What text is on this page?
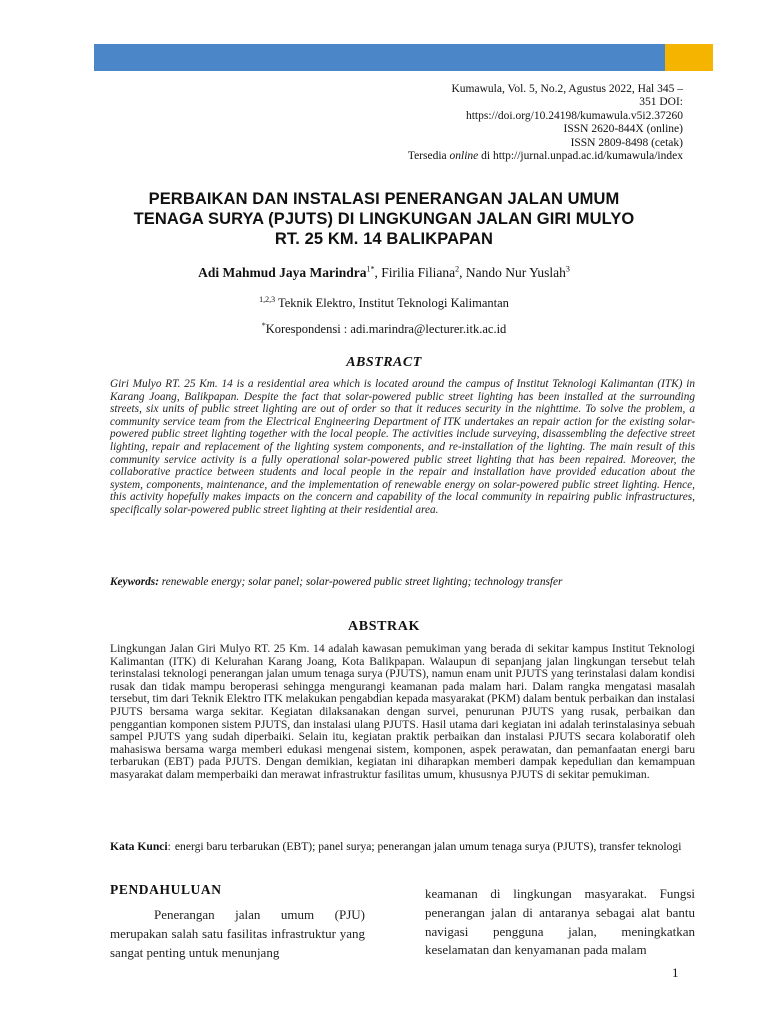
Kumawula, Vol. 5, No.2, Agustus 2022, Hal 345 –
351 DOI:
https://doi.org/10.24198/kumawula.v5i2.37260
ISSN 2620-844X (online)
ISSN 2809-8498 (cetak)
Tersedia online di http://jurnal.unpad.ac.id/kumawula/index
PERBAIKAN DAN INSTALASI PENERANGAN JALAN UMUM
TENAGA SURYA (PJUTS) DI LINGKUNGAN JALAN GIRI MULYO
RT. 25 KM. 14 BALIKPAPAN
Adi Mahmud Jaya Marindra$^{1*}$, Firilia Filiana$^2$, Nando Nur Yuslah$^3$
$^{1,2,3}$ Teknik Elektro, Institut Teknologi Kalimantan
*Korespondensi : adi.marindra@lecturer.itk.ac.id
ABSTRACT
Giri Mulyo RT. 25 Km. 14 is a residential area which is located around the campus of Institut Teknologi Kalimantan (ITK) in Karang Joang, Balikpapan. Despite the fact that solar-powered public street lighting has been installed at the surrounding streets, six units of public street lighting are out of order so that it reduces security in the nighttime. To solve the problem, a community service team from the Electrical Engineering Department of ITK undertakes an repair action for the existing solar-powered public street lighting together with the local people. The activities include surveying, disassembling the defective street lighting, repair and replacement of the lighting system components, and re-installation of the lighting. The main result of this community service activity is a fully operational solar-powered public street lighting that has been repaired. Moreover, the collaborative practice between students and local people in the repair and installation have provided education about the system, components, maintenance, and the implementation of renewable energy on solar-powered public street lighting. Hence, this activity hopefully makes impacts on the concern and capability of the local community in repairing public infrastructures, specifically solar-powered public street lighting at their residential area.
Keywords: renewable energy; solar panel; solar-powered public street lighting; technology transfer
ABSTRAK
Lingkungan Jalan Giri Mulyo RT. 25 Km. 14 adalah kawasan pemukiman yang berada di sekitar kampus Institut Teknologi Kalimantan (ITK) di Kelurahan Karang Joang, Kota Balikpapan. Walaupun di sepanjang jalan lingkungan tersebut telah terinstalasi teknologi penerangan jalan umum tenaga surya (PJUTS), namun enam unit PJUTS yang terinstalasi dalam kondisi rusak dan tidak mampu beroperasi sehingga mengurangi keamanan pada malam hari. Dalam rangka mengatasi masalah tersebut, tim dari Teknik Elektro ITK melakukan pengabdian kepada masyarakat (PKM) dalam bentuk perbaikan dan instalasi PJUTS bersama warga sekitar. Kegiatan dilaksanakan dengan survei, penurunan PJUTS yang rusak, perbaikan dan penggantian komponen sistem PJUTS, dan instalasi ulang PJUTS. Hasil utama dari kegiatan ini adalah terinstalasinya sebuah sampel PJUTS yang sudah diperbaiki. Selain itu, kegiatan praktik perbaikan dan instalasi PJUTS secara kolaboratif oleh mahasiswa bersama warga memberi edukasi mengenai sistem, komponen, aspek perawatan, dan pemanfaatan energi baru terbarukan (EBT) pada PJUTS. Dengan demikian, kegiatan ini diharapkan memberi dampak kepedulian dan kemampuan masyarakat dalam memperbaiki dan merawat infrastruktur fasilitas umum, khususnya PJUTS di sekitar pemukiman.
Kata Kunci: energi baru terbarukan (EBT); panel surya; penerangan jalan umum tenaga surya (PJUTS), transfer teknologi
PENDAHULUAN
Penerangan jalan umum (PJU) merupakan salah satu fasilitas infrastruktur yang sangat penting untuk menunjang
keamanan di lingkungan masyarakat. Fungsi penerangan jalan di antaranya sebagai alat bantu navigasi pengguna jalan, meningkatkan keselamatan dan kenyamanan pada malam
1
